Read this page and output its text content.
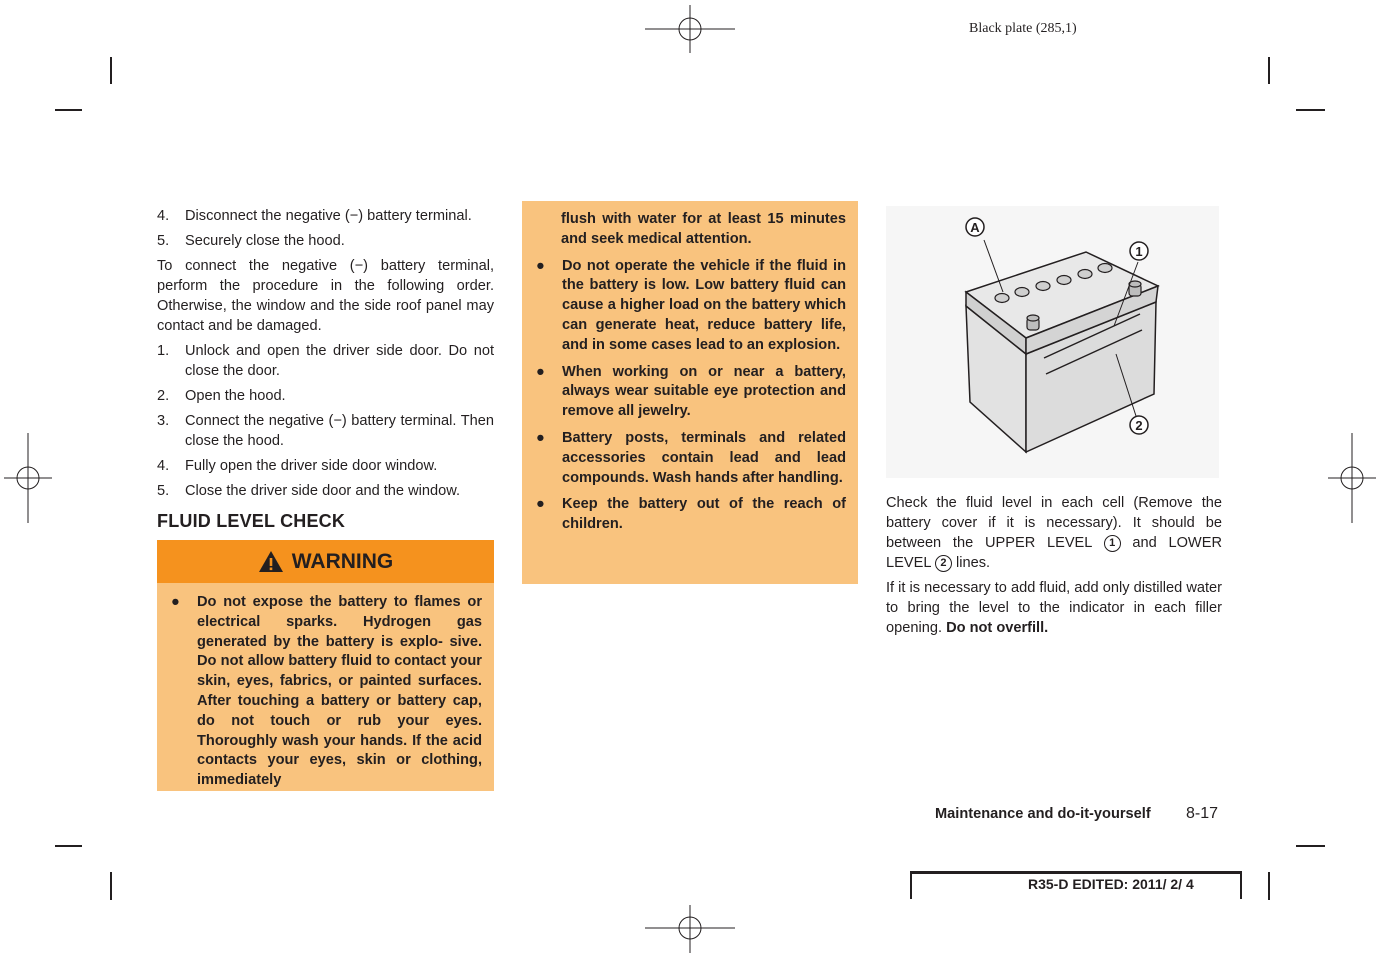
Black plate (285,1)
4. Disconnect the negative (−) battery terminal.
5. Securely close the hood.
To connect the negative (−) battery terminal, perform the procedure in the following order. Otherwise, the window and the side roof panel may contact and be damaged.
1. Unlock and open the driver side door. Do not close the door.
2. Open the hood.
3. Connect the negative (−) battery terminal. Then close the hood.
4. Fully open the driver side door window.
5. Close the driver side door and the window.
FLUID LEVEL CHECK
WARNING
● Do not expose the battery to flames or electrical sparks. Hydrogen gas generated by the battery is explo- sive. Do not allow battery fluid to contact your skin, eyes, fabrics, or painted surfaces. After touching a battery or battery cap, do not touch or rub your eyes. Thoroughly wash your hands. If the acid contacts your eyes, skin or clothing, immediately
flush with water for at least 15 minutes and seek medical attention.
● Do not operate the vehicle if the fluid in the battery is low. Low battery fluid can cause a higher load on the battery which can generate heat, reduce battery life, and in some cases lead to an explosion.
● When working on or near a battery, always wear suitable eye protection and remove all jewelry.
● Battery posts, terminals and related accessories contain lead and lead compounds. Wash hands after handling.
● Keep the battery out of the reach of children.
A
1
2
Check the fluid level in each cell (Remove the battery cover if it is necessary). It should be between the UPPER LEVEL 1 and LOWER LEVEL 2 lines.
If it is necessary to add fluid, add only distilled water to bring the level to the indicator in each filler opening. Do not overfill.
Maintenance and do-it-yourself 8-17
R35-D EDITED: 2011/ 2/ 4
